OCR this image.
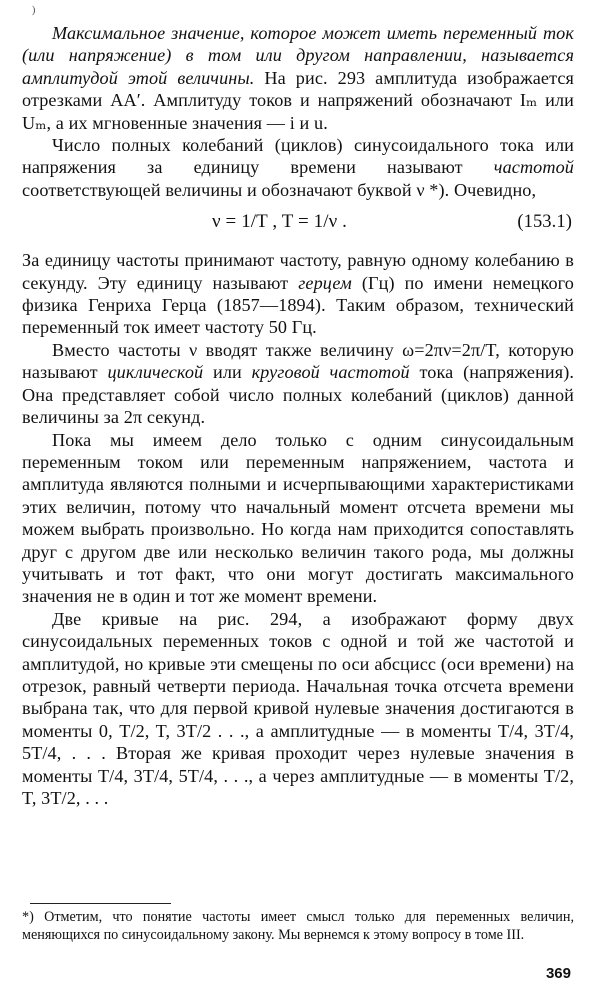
)

Максимальное значение, которое может иметь переменный ток (или напряжение) в том или другом направлении, называется амплитудой этой величины. На рис. 293 амплитуда изображается отрезками AA′. Амплитуду токов и напряжений обозначают Iₘ или Uₘ, а их мгновенные значения — i и u.

Число полных колебаний (циклов) синусоидального тока или напряжения за единицу времени называют частотой соответствующей величины и обозначают буквой ν *). Очевидно,

ν = 1/T , T = 1/ν .	(153.1)

За единицу частоты принимают частоту, равную одному колебанию в секунду. Эту единицу называют герцем (Гц) по имени немецкого физика Генриха Герца (1857—1894). Таким образом, технический переменный ток имеет частоту 50 Гц.

Вместо частоты ν вводят также величину ω=2πν=2π/T, которую называют циклической или круговой частотой тока (напряжения). Она представляет собой число полных колебаний (циклов) данной величины за 2π секунд.

Пока мы имеем дело только с одним синусоидальным переменным током или переменным напряжением, частота и амплитуда являются полными и исчерпывающими характеристиками этих величин, потому что начальный момент отсчета времени мы можем выбрать произвольно. Но когда нам приходится сопоставлять друг с другом две или несколько величин такого рода, мы должны учитывать и тот факт, что они могут достигать максимального значения не в один и тот же момент времени.

Две кривые на рис. 294, а изображают форму двух синусоидальных переменных токов с одной и той же частотой и амплитудой, но кривые эти смещены по оси абсцисс (оси времени) на отрезок, равный четверти периода. Начальная точка отсчета времени выбрана так, что для первой кривой нулевые значения достигаются в моменты 0, T/2, T, 3T/2 . . ., а амплитудные — в моменты T/4, 3T/4, 5T/4, . . . Вторая же кривая проходит через нулевые значения в моменты T/4, 3T/4, 5T/4, . . ., а через амплитудные — в моменты T/2, T, 3T/2, . . .

*) Отметим, что понятие частоты имеет смысл только для переменных величин, меняющихся по синусоидальному закону. Мы вернемся к этому вопросу в томе III.
369
